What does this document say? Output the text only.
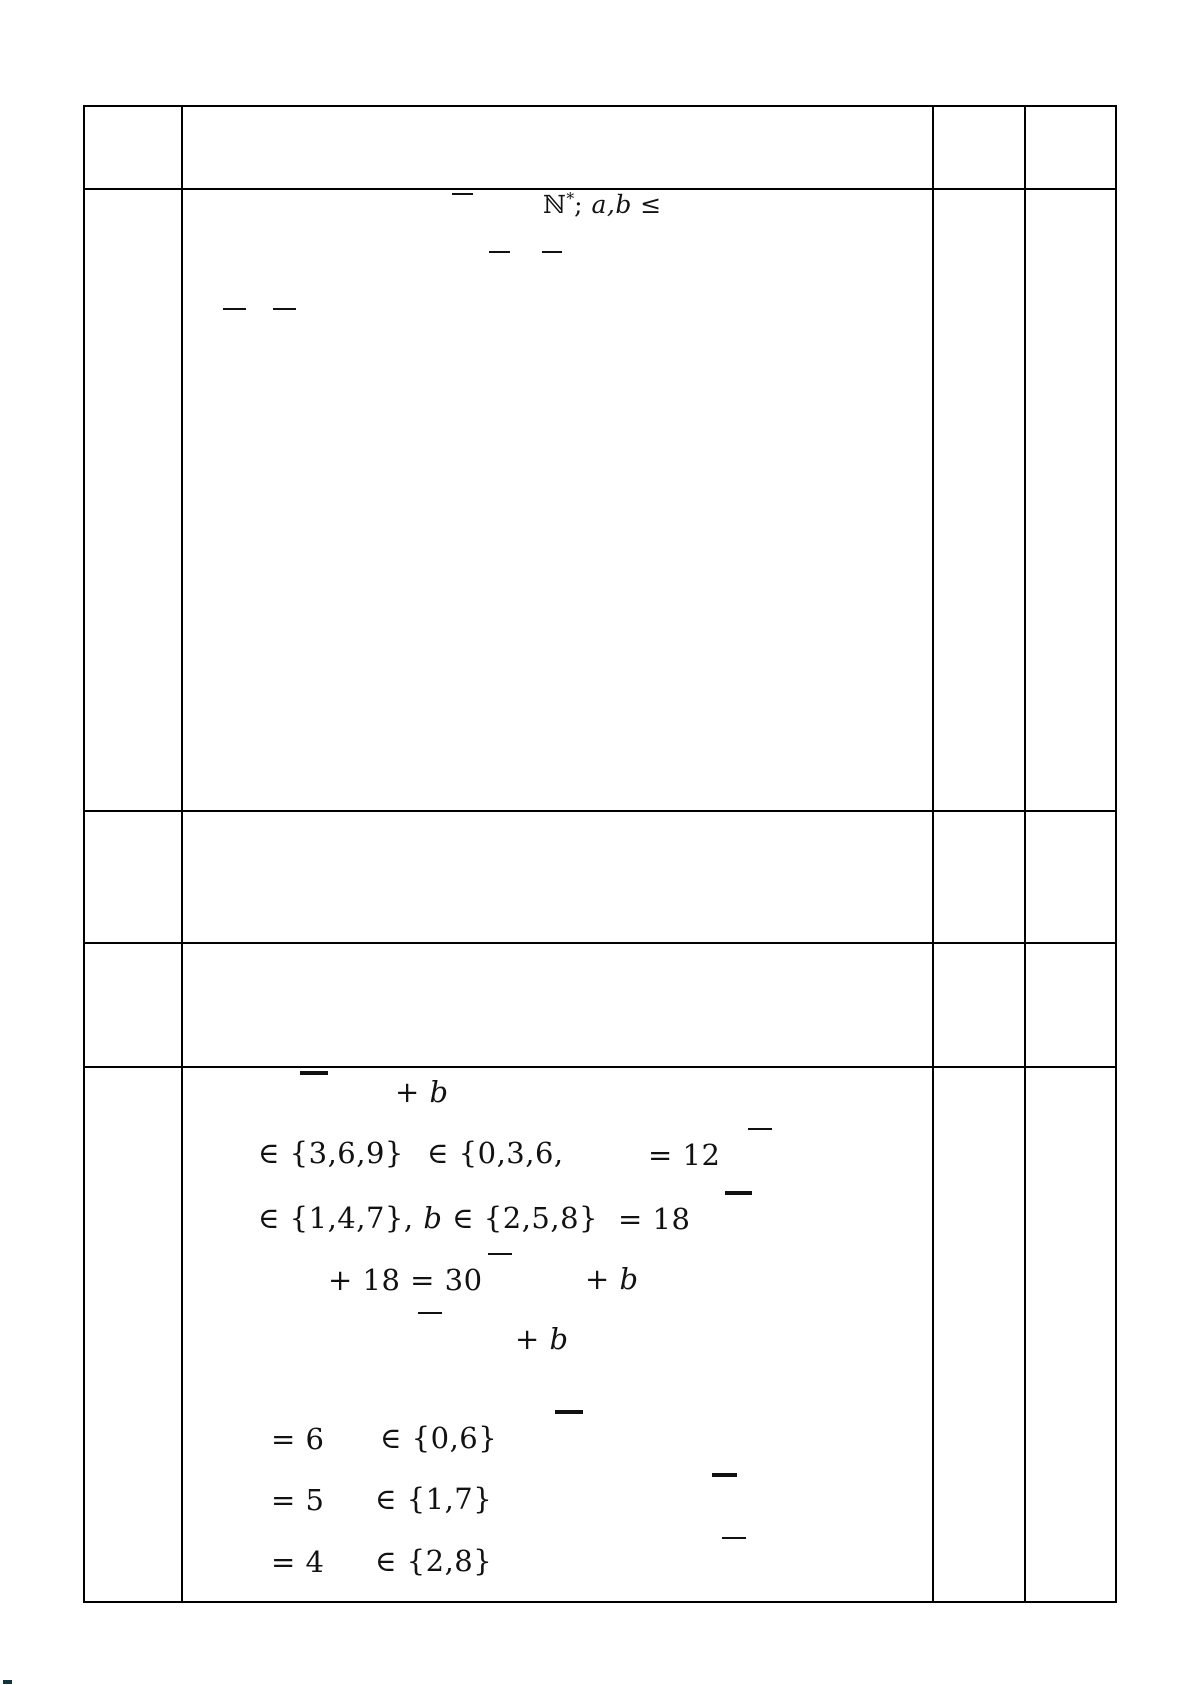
ℕ*; a,b ≤
+ b
∈ {3,6,9} ∈ {0,3,6,	= 12
∈ {1,4,7}, b ∈ {2,5,8} = 18
+ 18 = 30	+ b
+ b
= 6 ∈ {0,6}
= 5 ∈ {1,7}
= 4 ∈ {2,8}
